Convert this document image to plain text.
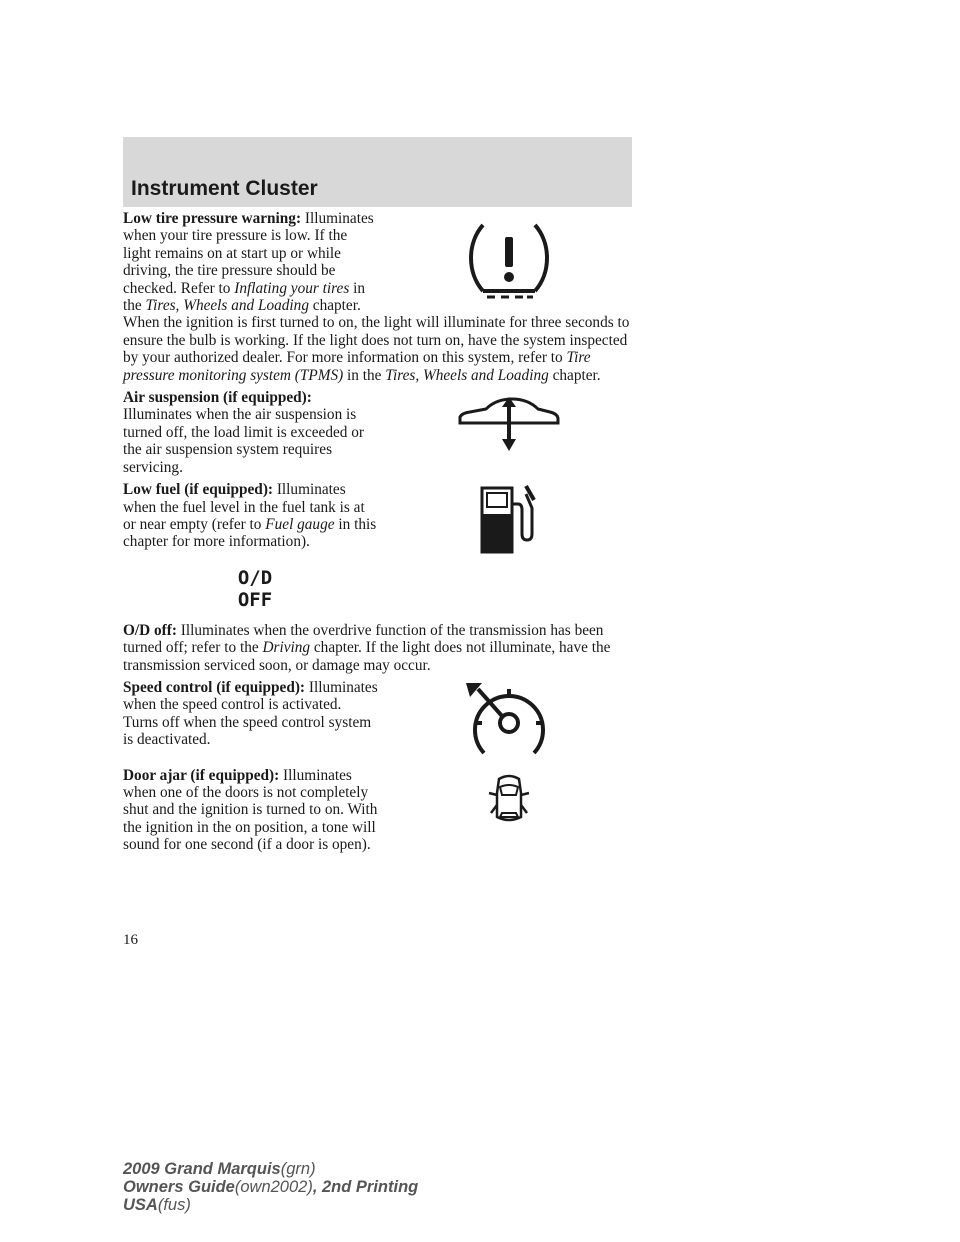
Instrument Cluster
Low tire pressure warning: Illuminates when your tire pressure is low. If the light remains on at start up or while driving, the tire pressure should be checked. Refer to Inflating your tires in the Tires, Wheels and Loading chapter. When the ignition is first turned to on, the light will illuminate for three seconds to ensure the bulb is working. If the light does not turn on, have the system inspected by your authorized dealer. For more information on this system, refer to Tire pressure monitoring system (TPMS) in the Tires, Wheels and Loading chapter.
Air suspension (if equipped): Illuminates when the air suspension is turned off, the load limit is exceeded or the air suspension system requires servicing.
Low fuel (if equipped): Illuminates when the fuel level in the fuel tank is at or near empty (refer to Fuel gauge in this chapter for more information).
O/D
OFF
O/D off: Illuminates when the overdrive function of the transmission has been turned off; refer to the Driving chapter. If the light does not illuminate, have the transmission serviced soon, or damage may occur.
Speed control (if equipped): Illuminates when the speed control is activated. Turns off when the speed control system is deactivated.
Door ajar (if equipped): Illuminates when one of the doors is not completely shut and the ignition is turned to on. With the ignition in the on position, a tone will sound for one second (if a door is open).
16
2009 Grand Marquis(grn)
Owners Guide(own2002), 2nd Printing
USA(fus)
